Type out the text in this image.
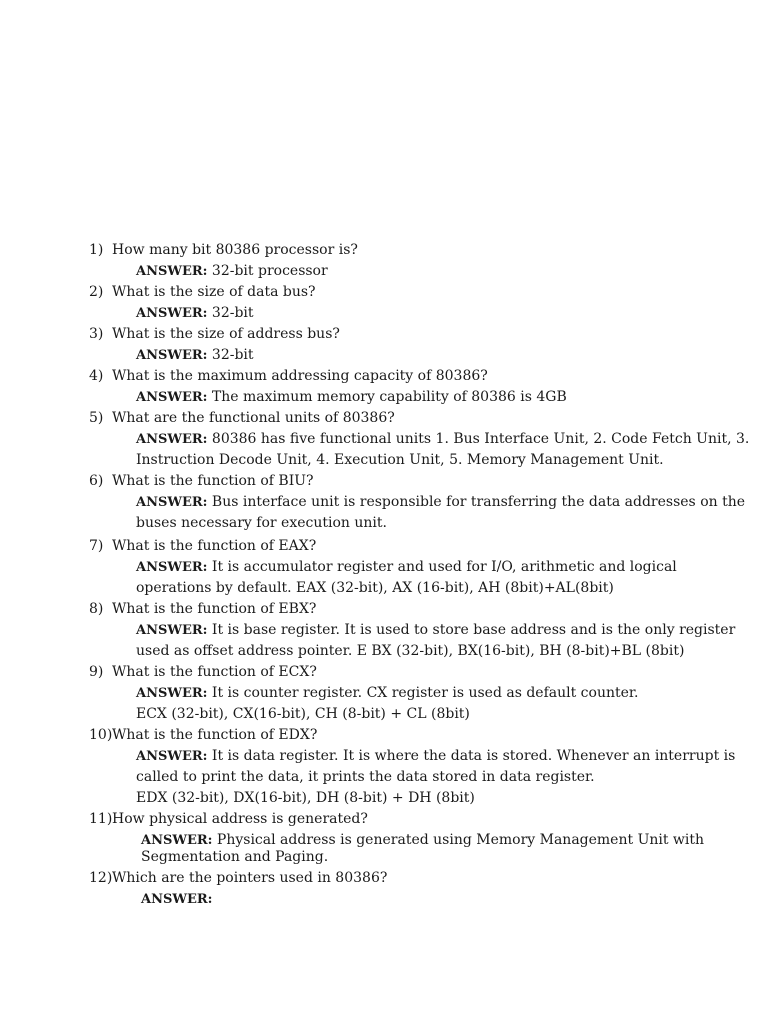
1) How many bit 80386 processor is?
ANSWER: 32-bit processor
2) What is the size of data bus?
ANSWER: 32-bit
3) What is the size of address bus?
ANSWER: 32-bit
4) What is the maximum addressing capacity of 80386?
ANSWER: The maximum memory capability of 80386 is 4GB
5) What are the functional units of 80386?
ANSWER: 80386 has five functional units 1. Bus Interface Unit, 2. Code Fetch Unit, 3.
Instruction Decode Unit, 4. Execution Unit, 5. Memory Management Unit.
6) What is the function of BIU?
ANSWER: Bus interface unit is responsible for transferring the data addresses on the
buses necessary for execution unit.
7) What is the function of EAX?
ANSWER: It is accumulator register and used for I/O, arithmetic and logical
operations by default. EAX (32-bit), AX (16-bit), AH (8bit)+AL(8bit)
8) What is the function of EBX?
ANSWER: It is base register. It is used to store base address and is the only register
used as offset address pointer. E BX (32-bit), BX(16-bit), BH (8-bit)+BL (8bit)
9) What is the function of ECX?
ANSWER: It is counter register. CX register is used as default counter.
ECX (32-bit), CX(16-bit), CH (8-bit) + CL (8bit)
10) What is the function of EDX?
ANSWER: It is data register. It is where the data is stored. Whenever an interrupt is
called to print the data, it prints the data stored in data register.
EDX (32-bit), DX(16-bit), DH (8-bit) + DH (8bit)
11) How physical address is generated?
ANSWER: Physical address is generated using Memory Management Unit with
Segmentation and Paging.
12) Which are the pointers used in 80386?
ANSWER:
